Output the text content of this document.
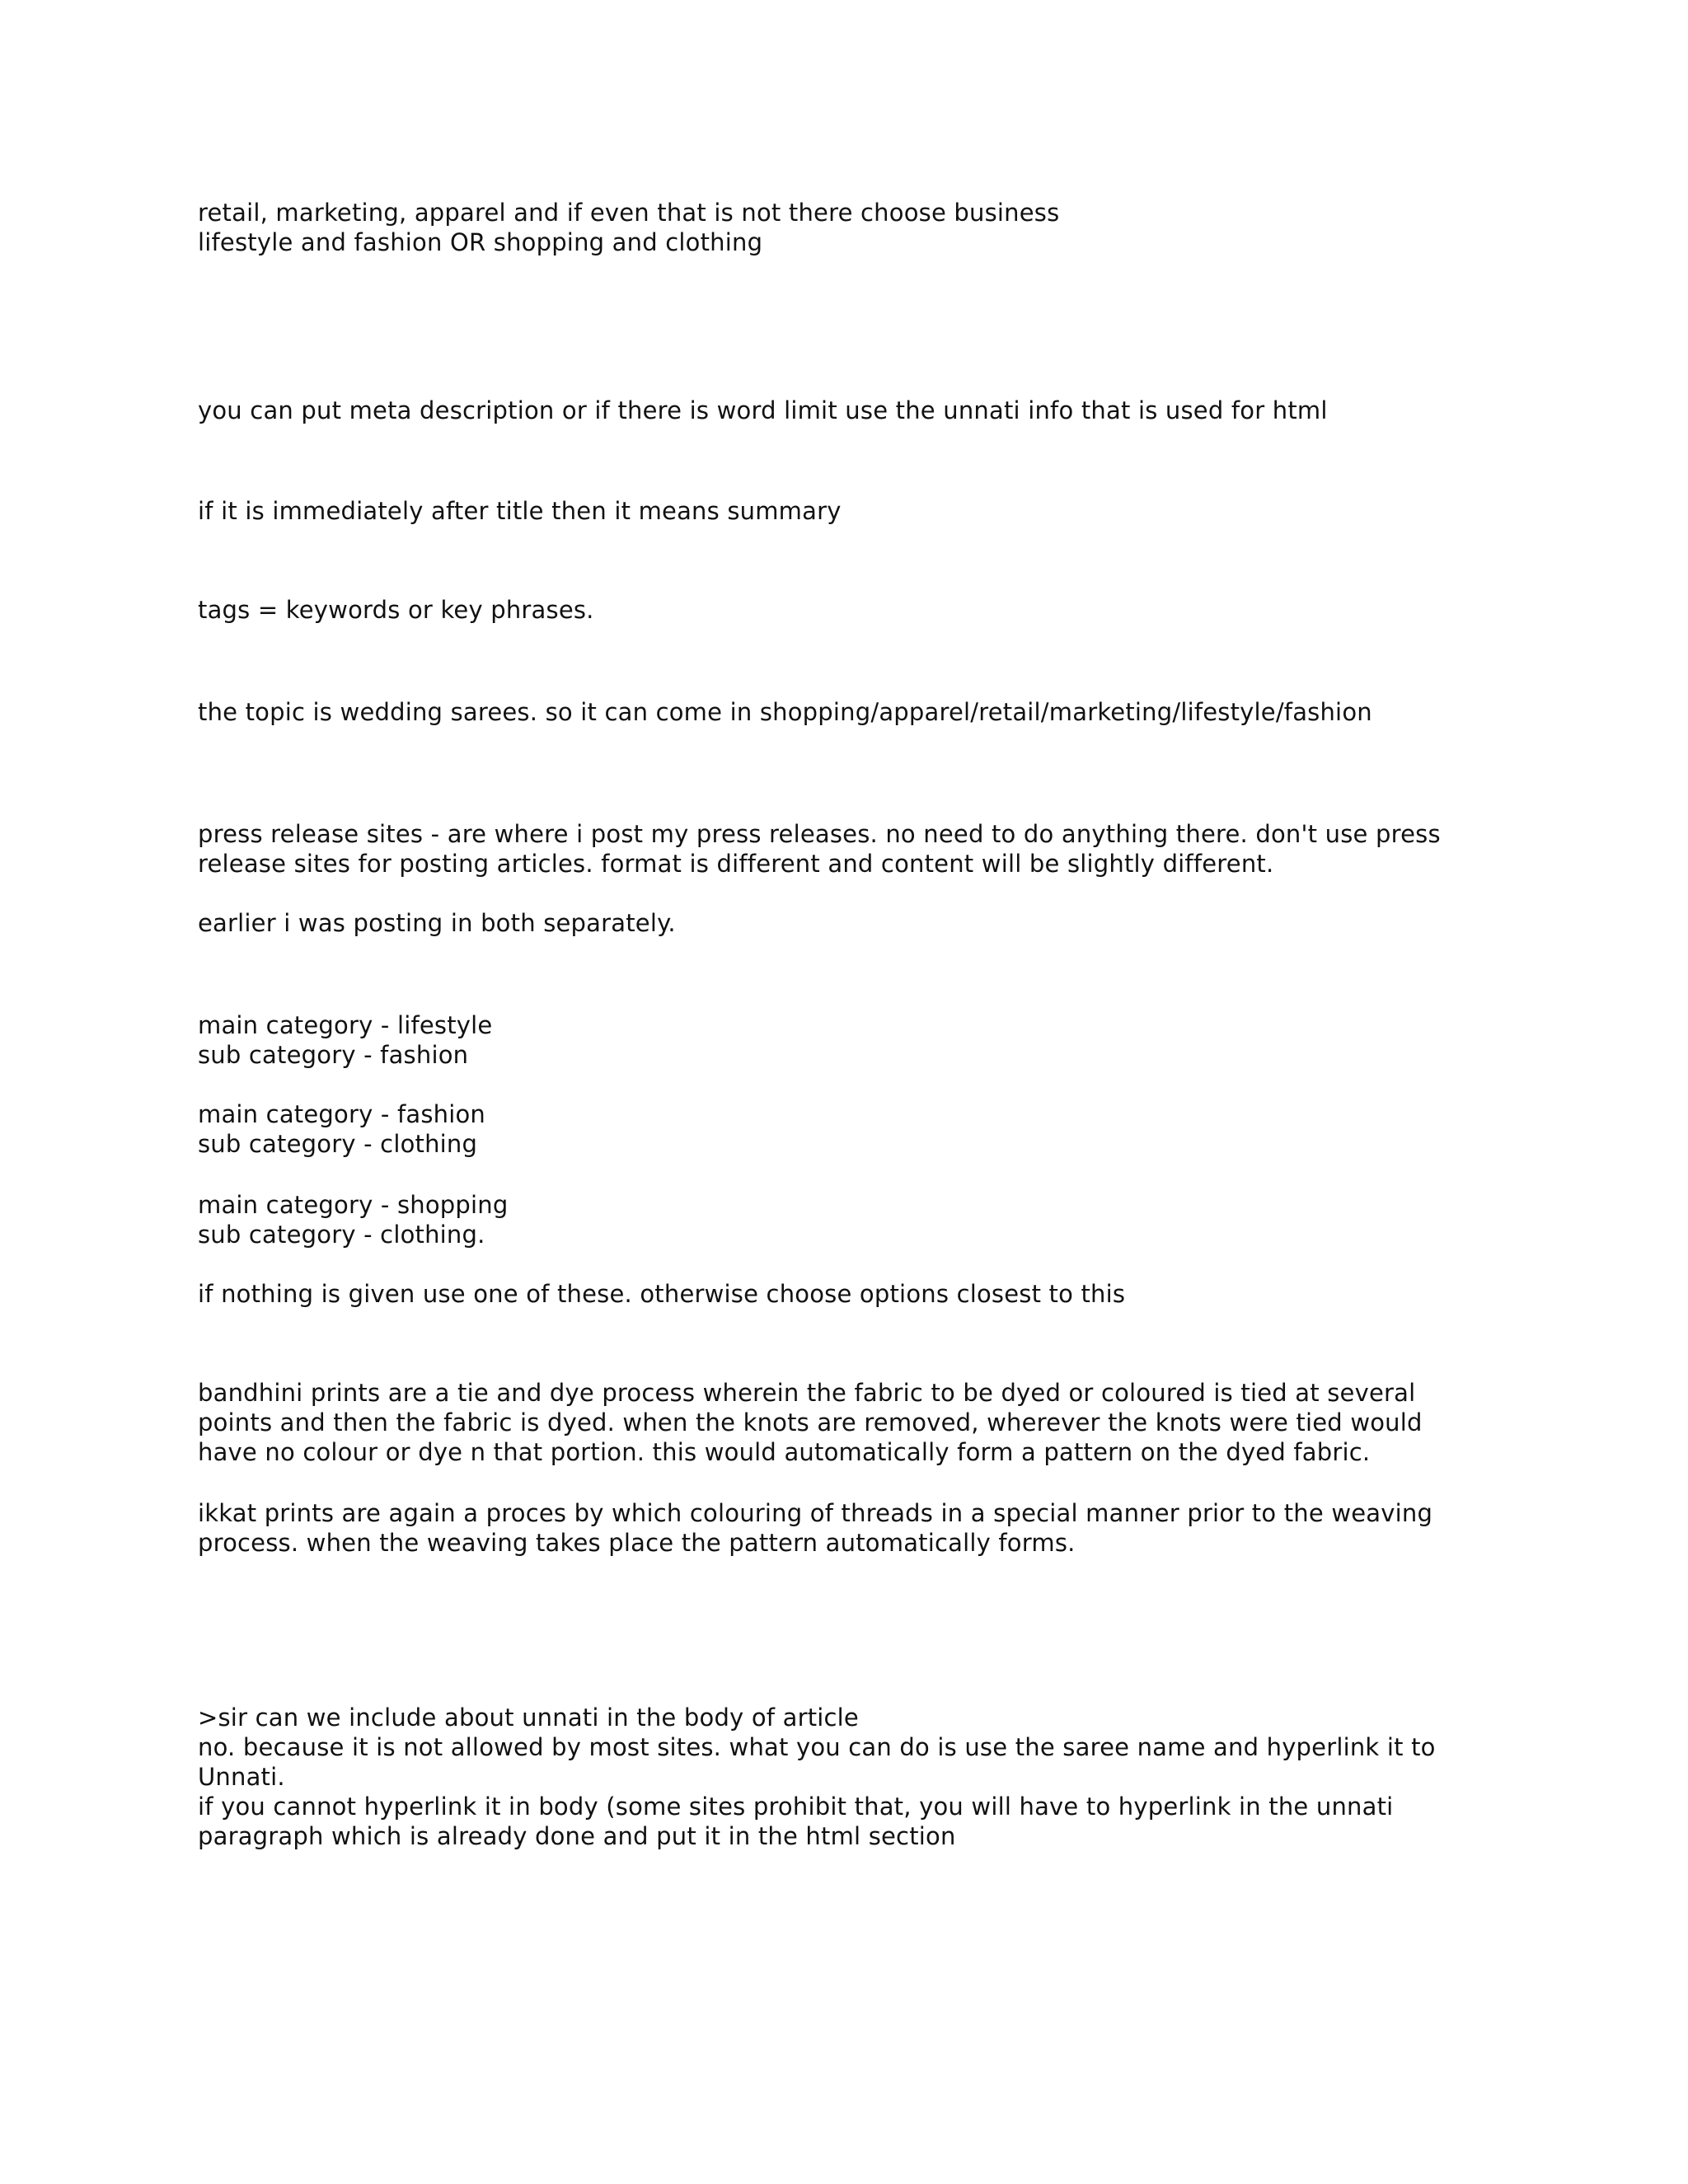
retail, marketing, apparel and if even that is not there choose business
lifestyle and fashion OR shopping and clothing
you can put meta description or if there is word limit use the unnati info that is used for html
if it is immediately after title then it means summary
tags = keywords or key phrases.
the topic is wedding sarees. so it can come in shopping/apparel/retail/marketing/lifestyle/fashion
press release sites - are where i post my press releases. no need to do anything there. don't use press
release sites for posting articles. format is different and content will be slightly different.
earlier i was posting in both separately.
main category - lifestyle
sub category - fashion
main category - fashion
sub category - clothing
main category - shopping
sub category - clothing.
if nothing is given use one of these. otherwise choose options closest to this
bandhini prints are a tie and dye process wherein the fabric to be dyed or coloured is tied at several
points and then the fabric is dyed. when the knots are removed, wherever the knots were tied would
have no colour or dye n that portion. this would automatically form a pattern on the dyed fabric.
ikkat prints are again a proces by which colouring of threads in a special manner prior to the weaving
process. when the weaving takes place the pattern automatically forms.
>sir can we include about unnati in the body of article
no. because it is not allowed by most sites. what you can do is use the saree name and hyperlink it to
Unnati.
if you cannot hyperlink it in body (some sites prohibit that, you will have to hyperlink in the unnati
paragraph which is already done and put it in the html section
